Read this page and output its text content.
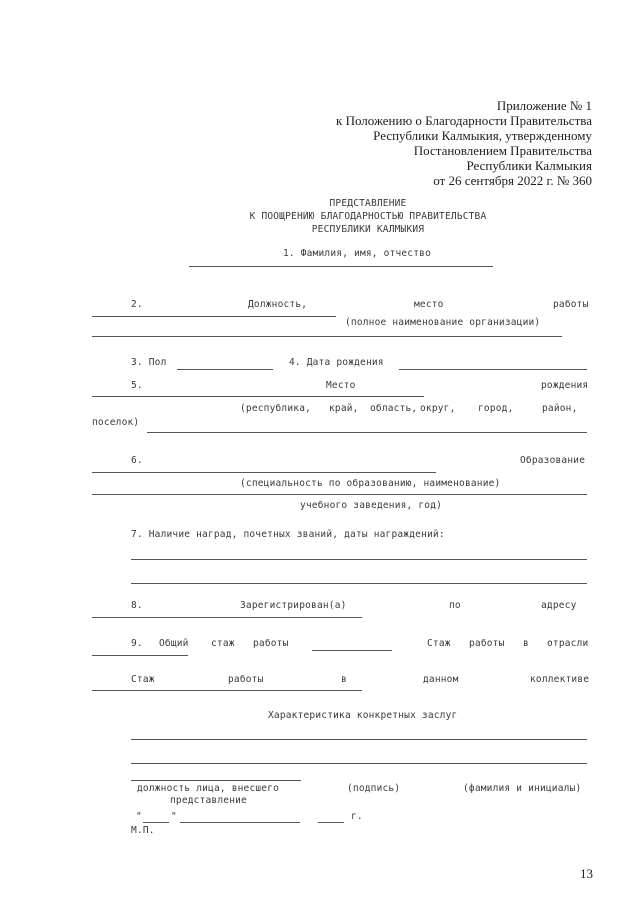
Приложение № 1
к Положению о Благодарности Правительства
Республики Калмыкия, утвержденному
Постановлением Правительства
Республики Калмыкия
от 26 сентября 2022 г. № 360
ПРЕДСТАВЛЕНИЕ
К ПООЩРЕНИЮ БЛАГОДАРНОСТЬЮ ПРАВИТЕЛЬСТВА
РЕСПУБЛИКИ КАЛМЫКИЯ
1. Фамилия, имя, отчество
2.	Должность,	место	работы
(полное наименование организации)
3. Пол	4. Дата рождения
5.	Место	рождения
(республика, край, область, округ, город,	район,
поселок)
6.	Образование
(специальность по образованию, наименование)
учебного заведения, год)
7. Наличие наград, почетных званий, даты награждений:
8.	Зарегистрирован(а)	по	адресу
9. Общий стаж работы	Стаж работы в отрасли
Стаж	работы	в	данном	коллективе
Характеристика конкретных заслуг
должность лица, внесшего
представление
(подпись)	(фамилия и инициалы)
"	"	г.
М.П.
13
